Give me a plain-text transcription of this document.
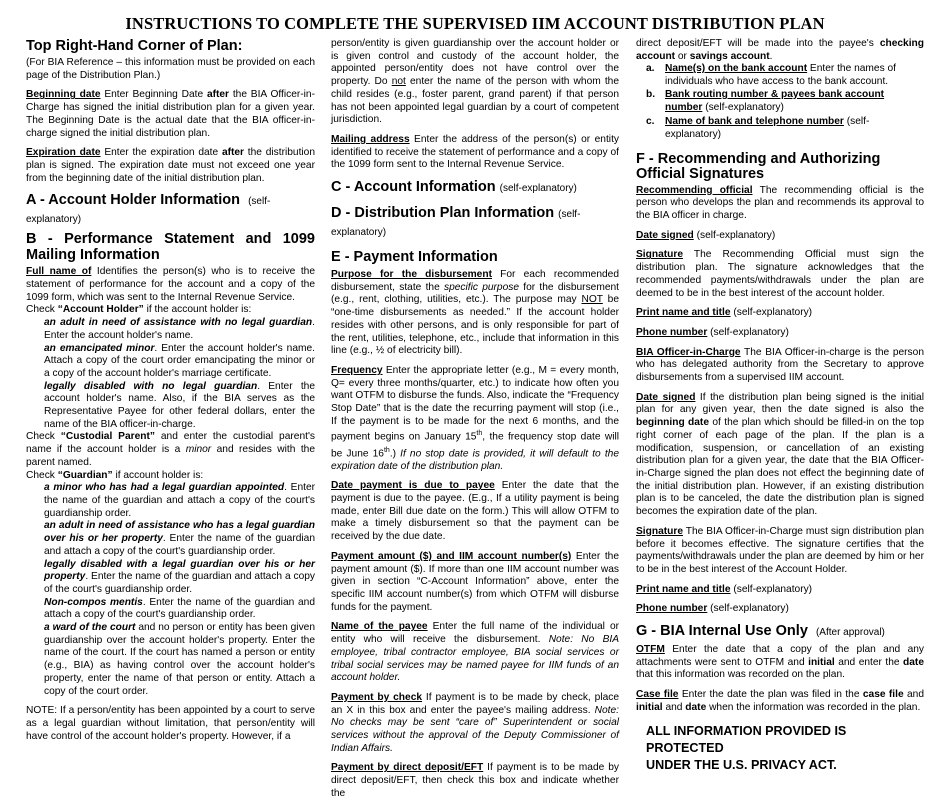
INSTRUCTIONS TO COMPLETE THE SUPERVISED IIM ACCOUNT DISTRIBUTION PLAN
Top Right-Hand Corner of Plan:

(For BIA Reference – this information must be provided on each page of the Distribution Plan.)

Beginning date Enter Beginning Date after the BIA Officer-in-Charge has signed the initial distribution plan for a given year. The Beginning Date is the actual date that the BIA officer-in-charge signed the initial distribution plan.

Expiration date Enter the expiration date after the distribution plan is signed. The expiration date must not exceed one year from the beginning date of the initial distribution plan.

A - Account Holder Information (self-explanatory)
B - Performance Statement and 1099 Mailing Information
Full name of Identifies the person(s) who is to receive the statement of performance for the account and a copy of the 1099 form, which was sent to the Internal Revenue Service.
Check “Account Holder” if the account holder is:
an adult in need of assistance with no legal guardian. Enter the account holder's name.
an emancipated minor. Enter the account holder's name. Attach a copy of the court order emancipating the minor or a copy of the account holder's marriage certificate.
legally disabled with no legal guardian. Enter the account holder's name. Also, if the BIA serves as the Representative Payee for other federal dollars, enter the name of the BIA officer-in-charge.
Check “Custodial Parent” and enter the custodial parent's name if the account holder is a minor and resides with the parent named.
Check “Guardian” if account holder is:
a minor who has had a legal guardian appointed. Enter the name of the guardian and attach a copy of the court's guardianship order.
an adult in need of assistance who has a legal guardian over his or her property. Enter the name of the guardian and attach a copy of the court's guardianship order.
legally disabled with a legal guardian over his or her property. Enter the name of the guardian and attach a copy of the court's guardianship order.
Non-compos mentis. Enter the name of the guardian and attach a copy of the court's guardianship order.
a ward of the court and no person or entity has been given guardianship over the account holder's property. Enter the name of the court. If the court has named a person or entity (e.g., BIA) as having control over the account holder's property, enter the name of that person or entity. Attach a copy of the court order.
NOTE: If a person/entity has been appointed by a court to serve as a legal guardian without limitation, that person/entity will have control of the account holder's property. However, if a

person/entity is given guardianship over the account holder or is given control and custody of the account holder, the appointed person/entity does not have control over the property. Do not enter the name of the person with whom the child resides (e.g., foster parent, grand parent) if that person has not been appointed legal guardian by a court of competent jurisdiction.

Mailing address Enter the address of the person(s) or entity identified to receive the statement of performance and a copy of the 1099 form sent to the Internal Revenue Service.

C - Account Information (self-explanatory)
D - Distribution Plan Information (self-explanatory)
E - Payment Information

Purpose for the disbursement For each recommended disbursement, state the specific purpose for the disbursement (e.g., rent, clothing, utilities, etc.). The purpose may NOT be “one-time disbursements as needed.” If the account holder resides with other persons, and is only responsible for part of the rent, utilities, telephone, etc., include that information in this line (e.g., ½ of electricity bill).

Frequency Enter the appropriate letter (e.g., M = every month, Q= every three months/quarter, etc.) to indicate how often you want OTFM to disburse the funds. Also, indicate the “Frequency Stop Date” that is the date the recurring payment will stop (i.e., If the payment is to be made for the next 6 months, and the payment begins on January 15th, the frequency stop date will be June 16th.) If no stop date is provided, it will default to the expiration date of the distribution plan.

Date payment is due to payee Enter the date that the payment is due to the payee. (E.g., If a utility payment is being made, enter Bill due date on the form.) This will allow OTFM to make a timely disbursement so that the payment can be received by the due date.

Payment amount ($) and IIM account number(s) Enter the payment amount ($). If more than one IIM account number was given in section “C-Account Information” above, enter the specific IIM account number(s) from which OTFM will disburse funds for the payment.

Name of the payee Enter the full name of the individual or entity who will receive the disbursement. Note: No BIA employee, tribal contractor employee, BIA social services or tribal social services may be named payee for IIM funds of an account holder.

Payment by check If payment is to be made by check, place an X in this box and enter the payee's mailing address. Note: No checks may be sent “care of” Superintendent or social services without the approval of the Deputy Commissioner of Indian Affairs.

Payment by direct deposit/EFT If payment is to be made by direct deposit/EFT, then check this box and indicate whether the
direct deposit/EFT will be made into the payee's checking account or savings account.
a. Name(s) on the bank account Enter the names of individuals who have access to the bank account.
b. Bank routing number & payees bank account number (self-explanatory)
c. Name of bank and telephone number (self-explanatory)
F - Recommending and Authorizing Official Signatures

Recommending official The recommending official is the person who develops the plan and recommends its approval to the BIA officer in charge.

Date signed (self-explanatory)

Signature The Recommending Official must sign the distribution plan. The signature acknowledges that the recommended payments/withdrawals under the plan are deemed to be in the best interest of the account holder.

Print name and title (self-explanatory)

Phone number (self-explanatory)

BIA Officer-in-Charge The BIA Officer-in-charge is the person who has delegated authority from the Secretary to approve disbursements from a supervised IIM account.

Date signed If the distribution plan being signed is the initial plan for any given year, then the date signed is also the beginning date of the plan which should be filled-in on the top right corner of each page of the plan. If the plan is a modification, suspension, or cancellation of an existing distribution plan for a given year, the date that the BIA Officer-in-Charge signed the plan does not effect the beginning date of the initial distribution plan. However, if an existing distribution plan is to be canceled, the date the distribution plan is signed becomes the expiration date of the plan.

Signature The BIA Officer-in-Charge must sign distribution plan before it becomes effective. The signature certifies that the payments/withdrawals under the plan are deemed by him or her to be in the best interest of the Account Holder.

Print name and title (self-explanatory)

Phone number (self-explanatory)

G - BIA Internal Use Only (After approval)

OTFM Enter the date that a copy of the plan and any attachments were sent to OTFM and initial and enter the date that this information was recorded on the plan.

Case file Enter the date the plan was filed in the case file and initial and date when the information was recorded in the plan.
ALL INFORMATION PROVIDED IS PROTECTED
UNDER THE U.S. PRIVACY ACT.
